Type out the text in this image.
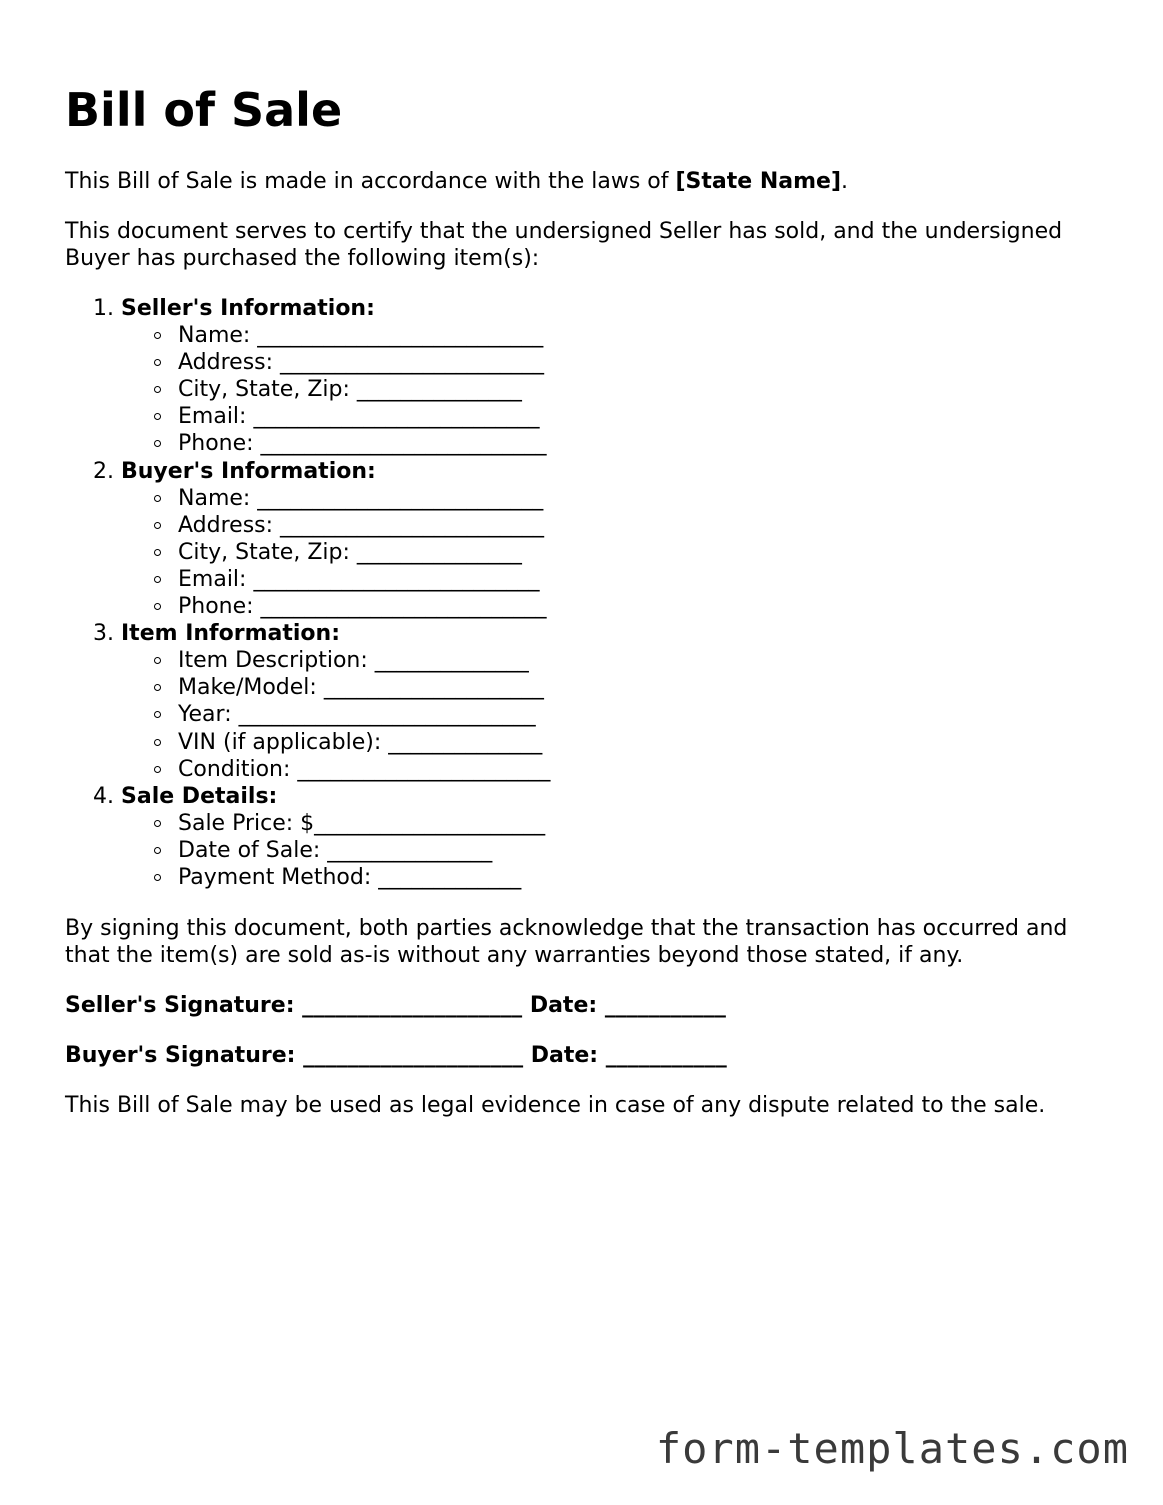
Bill of Sale

This Bill of Sale is made in accordance with the laws of [State Name].

This document serves to certify that the undersigned Seller has sold, and the undersigned Buyer has purchased the following item(s):

1. Seller's Information:
Name: __________________________
Address: ________________________
City, State, Zip: _______________
Email: __________________________
Phone: __________________________
2. Buyer's Information:
Name: __________________________
Address: ________________________
City, State, Zip: _______________
Email: __________________________
Phone: __________________________
3. Item Information:
Item Description: ______________
Make/Model: ____________________
Year: ___________________________
VIN (if applicable): ______________
Condition: _______________________
4. Sale Details:
Sale Price: $_____________________
Date of Sale: _______________
Payment Method: _____________

By signing this document, both parties acknowledge that the transaction has occurred and that the item(s) are sold as-is without any warranties beyond those stated, if any.

Seller's Signature: ____________________ Date: ___________

Buyer's Signature: ____________________ Date: ___________

This Bill of Sale may be used as legal evidence in case of any dispute related to the sale.

form-templates.com
